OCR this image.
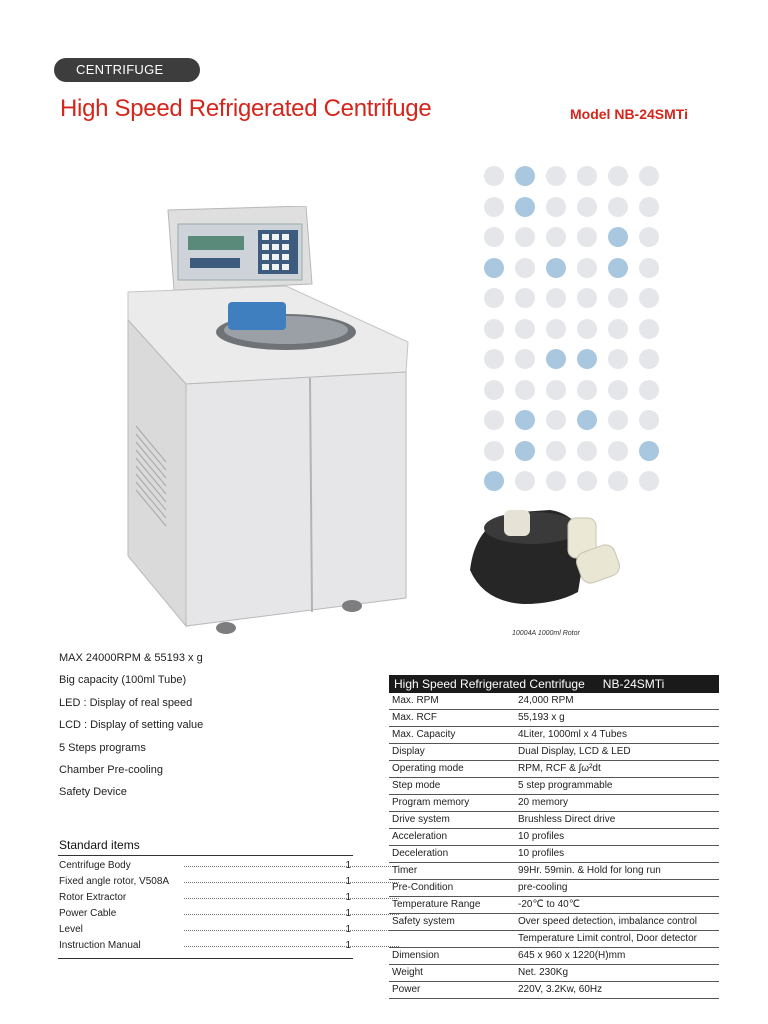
CENTRIFUGE
High Speed Refrigerated Centrifuge	Model NB-24SMTi
10004A 1000ml Rotor
MAX 24000RPM & 55193 x g
Big capacity (100ml Tube)
LED : Display of real speed
LCD : Display of setting value
5 Steps programs
Chamber Pre-cooling
Safety Device
Standard items
Centrifuge Body	1
Fixed angle rotor, V508A	1
Rotor Extractor	1
Power Cable	1
Level	1
Instruction Manual	1
High Speed Refrigerated Centrifuge NB-24SMTi
Max. RPM	24,000 RPM
Max. RCF	55,193 x g
Max. Capacity	4Liter, 1000ml x 4 Tubes
Display	Dual Display, LCD & LED
Operating mode	RPM, RCF & ∫ω²dt
Step mode	5 step programmable
Program memory	20 memory
Drive system	Brushless Direct drive
Acceleration	10 profiles
Deceleration	10 profiles
Timer	99Hr. 59min. & Hold for long run
Pre-Condition	pre-cooling
Temperature Range	-20℃ to 40℃
Safety system	Over speed detection, imbalance control
Temperature Limit control, Door detector
Dimension	645 x 960 x 1220(H)mm
Weight	Net. 230Kg
Power	220V, 3.2Kw, 60Hz
